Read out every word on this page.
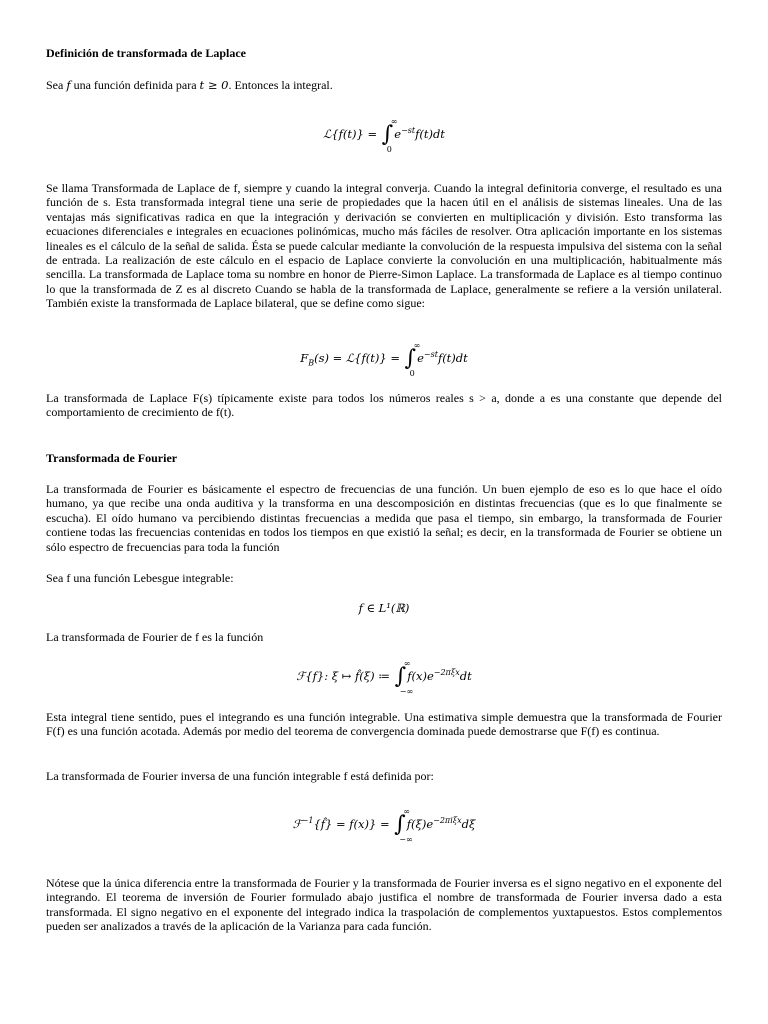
Definición de transformada de Laplace

Sea f una función definida para t ≥ 0. Entonces la integral.

ℒ{f(t)} = ∫
∞
0
$e^{-st}f(t)dt$

Se llama Transformada de Laplace de f, siempre y cuando la integral converja. Cuando la integral definitoria converge, el resultado es una función de s. Esta transformada integral tiene una serie de propiedades que la hacen útil en el análisis de sistemas lineales. Una de las ventajas más significativas radica en que la integración y derivación se convierten en multiplicación y división. Esto transforma las ecuaciones diferenciales e integrales en ecuaciones polinómicas, mucho más fáciles de resolver. Otra aplicación importante en los sistemas lineales es el cálculo de la señal de salida. Ésta se puede calcular mediante la convolución de la respuesta impulsiva del sistema con la señal de entrada. La realización de este cálculo en el espacio de Laplace convierte la convolución en una multiplicación, habitualmente más sencilla. La transformada de Laplace toma su nombre en honor de Pierre-Simon Laplace. La transformada de Laplace es al tiempo continuo lo que la transformada de Z es al discreto Cuando se habla de la transformada de Laplace, generalmente se refiere a la versión unilateral. También existe la transformada de Laplace bilateral, que se define como sigue:

$F_B(s)$ = ℒ{f(t)} = ∫
∞
0
$e^{-st}f(t)dt$

La transformada de Laplace F(s) típicamente existe para todos los números reales s > a, donde a es una constante que depende del comportamiento de crecimiento de f(t).

Transformada de Fourier

La transformada de Fourier es básicamente el espectro de frecuencias de una función. Un buen ejemplo de eso es lo que hace el oído humano, ya que recibe una onda auditiva y la transforma en una descomposición en distintas frecuencias (que es lo que finalmente se escucha). El oído humano va percibiendo distintas frecuencias a medida que pasa el tiempo, sin embargo, la transformada de Fourier contiene todas las frecuencias contenidas en todos los tiempos en que existió la señal; es decir, en la transformada de Fourier se obtiene un sólo espectro de frecuencias para toda la función

Sea f una función Lebesgue integrable:

f ∈ L¹(ℝ)

La transformada de Fourier de f es la función

ℱ{f}: ξ ↦ f̂(ξ) ≔ ∫
∞
−∞
$f(x)e^{-2\pi\xi x}dt$

Esta integral tiene sentido, pues el integrando es una función integrable. Una estimativa simple demuestra que la transformada de Fourier F(f) es una función acotada. Además por medio del teorema de convergencia dominada puede demostrarse que F(f) es continua.

La transformada de Fourier inversa de una función integrable f está definida por:

ℱ$^{-1}${f̂} = f(x)} = ∫
∞
−∞
$f(\xi)e^{-2\pi i\xi x}d\xi$

Nótese que la única diferencia entre la transformada de Fourier y la transformada de Fourier inversa es el signo negativo en el exponente del integrando. El teorema de inversión de Fourier formulado abajo justifica el nombre de transformada de Fourier inversa dado a esta transformada. El signo negativo en el exponente del integrado indica la traspolación de complementos yuxtapuestos. Estos complementos pueden ser analizados a través de la aplicación de la Varianza para cada función.
